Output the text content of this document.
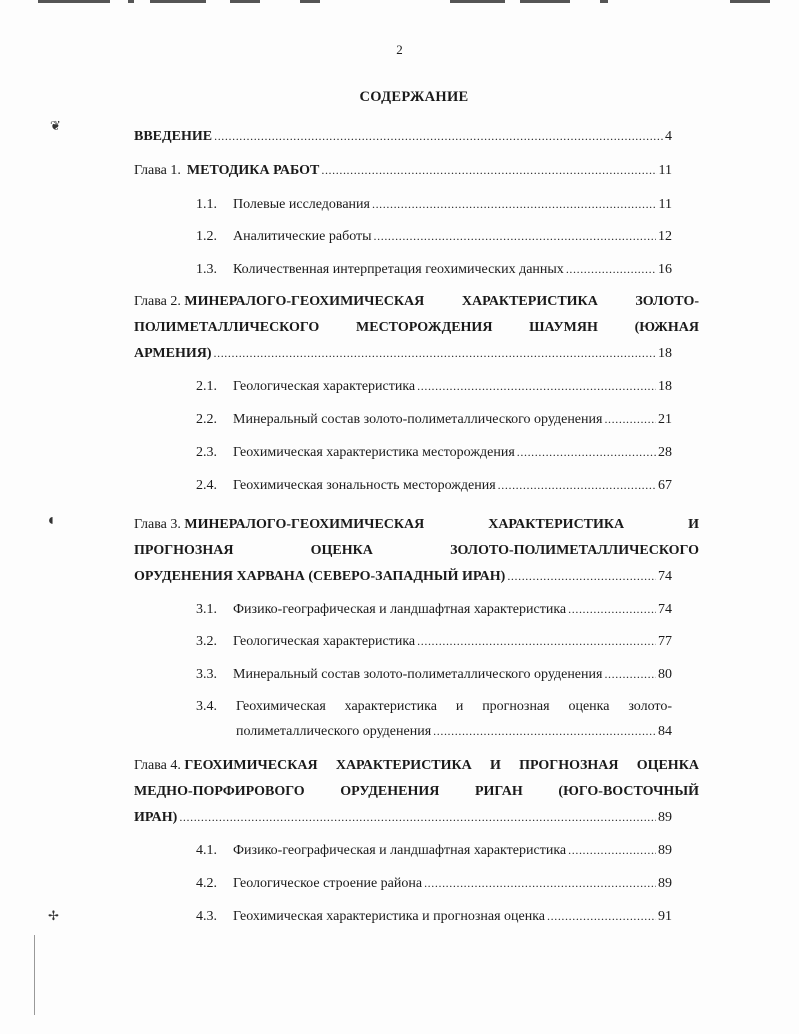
❦
◖
✢
2
СОДЕРЖАНИЕ
ВВЕДЕНИЕ .....	4
Глава 1. МЕТОДИКА РАБОТ .....	11
1.1.	Полевые исследования .....	11
1.2.	Аналитические работы .....	12
1.3.	Количественная интерпретация геохимических данных .....	16
Глава 2. МИНЕРАЛОГО-ГЕОХИМИЧЕСКАЯ	ХАРАКТЕРИСТИКА	ЗОЛОТО-
ПОЛИМЕТАЛЛИЧЕСКОГО	МЕСТОРОЖДЕНИЯ	ШАУМЯН	(ЮЖНАЯ
АРМЕНИЯ) .....	18
2.1.	Геологическая характеристика .....	18
2.2.	Минеральный состав золото-полиметаллического оруденения .....	21
2.3.	Геохимическая характеристика месторождения .....	28
2.4.	Геохимическая зональность месторождения .....	67
Глава 3. МИНЕРАЛОГО-ГЕОХИМИЧЕСКАЯ	ХАРАКТЕРИСТИКА	И
ПРОГНОЗНАЯ	ОЦЕНКА	ЗОЛОТО-ПОЛИМЕТАЛЛИЧЕСКОГО
ОРУДЕНЕНИЯ ХАРВАНА (СЕВЕРО-ЗАПАДНЫЙ ИРАН) .....	74
3.1.	Физико-географическая и ландшафтная характеристика .....	74
3.2.	Геологическая характеристика .....	77
3.3.	Минеральный состав золото-полиметаллического оруденения .....	80
3.4.	Геохимическая характеристика и прогнозная оценка золото-
полиметаллического оруденения .....	84
Глава 4. ГЕОХИМИЧЕСКАЯ ХАРАКТЕРИСТИКА И ПРОГНОЗНАЯ ОЦЕНКА
МЕДНО-ПОРФИРОВОГО	ОРУДЕНЕНИЯ	РИГАН	(ЮГО-ВОСТОЧНЫЙ
ИРАН) .....	89
4.1.	Физико-географическая и ландшафтная характеристика .....	89
4.2.	Геологическое строение района .....	89
4.3.	Геохимическая характеристика и прогнозная оценка .....	91
